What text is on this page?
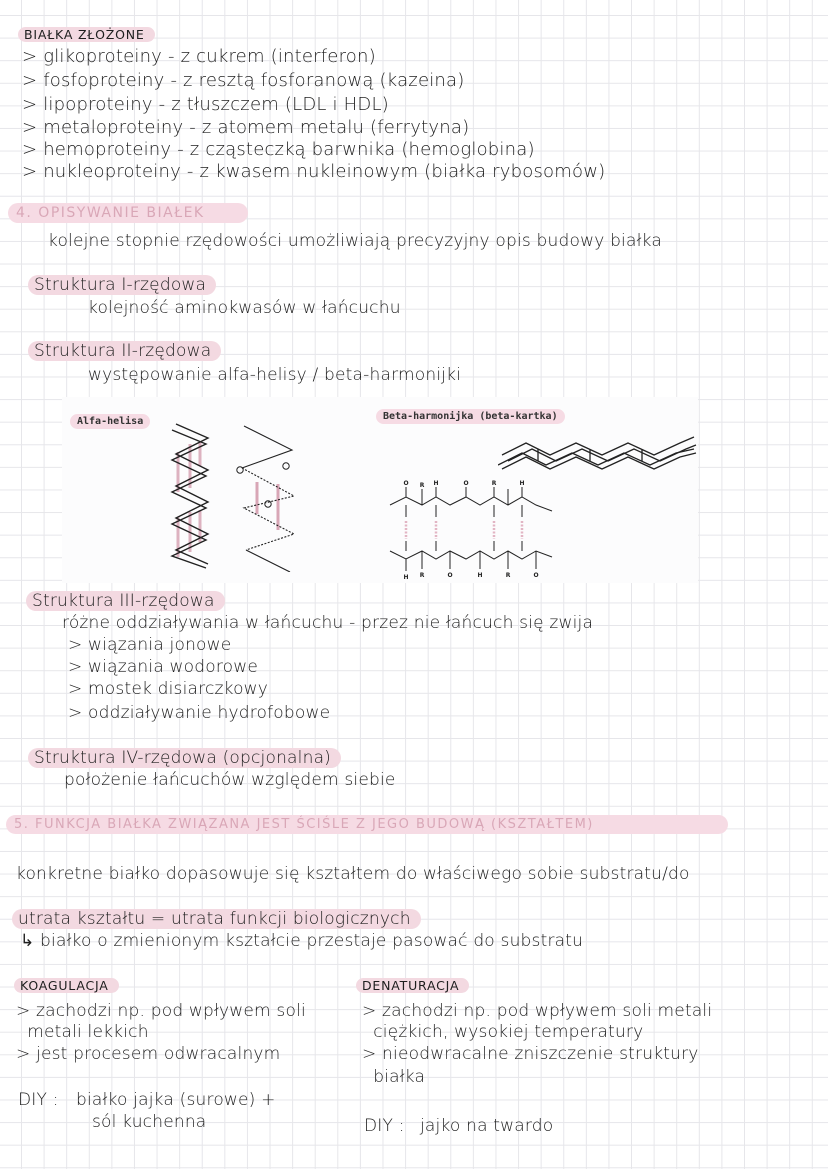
BIAŁKA ZŁOŻONE
> glikoproteiny - z cukrem (interferon)
> fosfoproteiny - z resztą fosforanową (kazeina)
> lipoproteiny - z tłuszczem (LDL i HDL)
> metaloproteiny - z atomem metalu (ferrytyna)
> hemoproteiny - z cząsteczką barwnika (hemoglobina)
> nukleoproteiny - z kwasem nukleinowym (białka rybosomów)
4. OPISYWANIE BIAŁEK
kolejne stopnie rzędowości umożliwiają precyzyjny opis budowy białka
Struktura I-rzędowa
kolejność aminokwasów w łańcuchu
Struktura II-rzędowa
występowanie alfa-helisy / beta-harmonijki
Alfa-helisa	Beta-harmonijka (beta-kartka)
O R H	O	R	H
H R	O	H	R	O
Struktura III-rzędowa
różne oddziaływania w łańcuchu - przez nie łańcuch się zwija
> wiązania jonowe
> wiązania wodorowe
> mostek disiarczkowy
> oddziaływanie hydrofobowe
Struktura IV-rzędowa (opcjonalna)
położenie łańcuchów względem siebie
5. FUNKCJA BIAŁKA ZWIĄZANA JEST ŚCIŚLE Z JEGO BUDOWĄ (KSZTAŁTEM)
konkretne białko dopasowuje się kształtem do właściwego sobie substratu/do
utrata kształtu = utrata funkcji biologicznych
↳ białko o zmienionym kształcie przestaje pasować do substratu
KOAGULACJA
> zachodzi np. pod wpływem soli
metali lekkich
> jest procesem odwracalnym
DIY : białko jajka (surowe) +
sól kuchenna
DENATURACJA
> zachodzi np. pod wpływem soli metali
ciężkich, wysokiej temperatury
> nieodwracalne zniszczenie struktury
białka
DIY : jajko na twardo
